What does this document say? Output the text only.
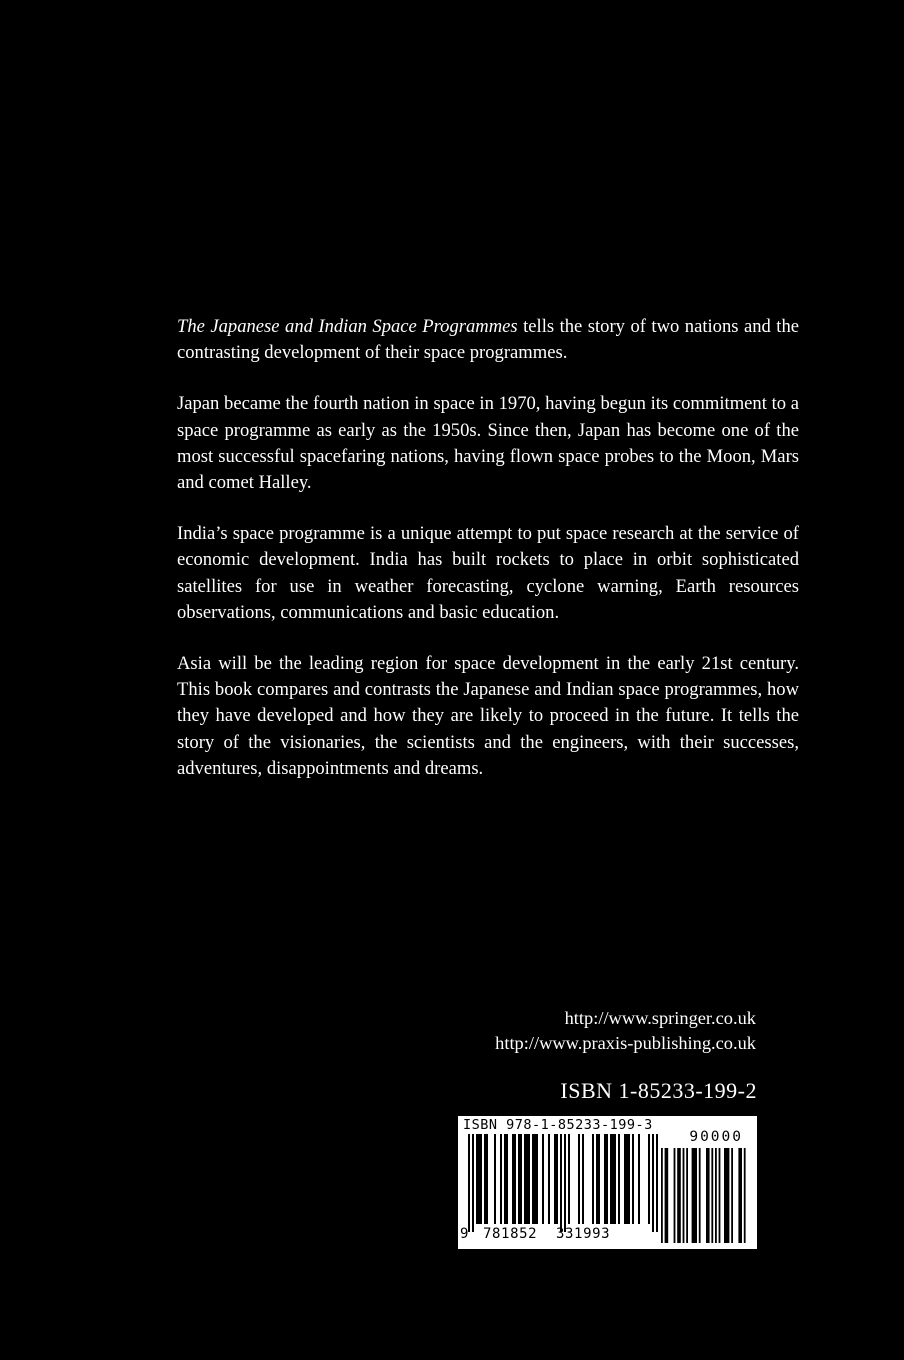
The Japanese and Indian Space Programmes tells the story of two nations and the contrasting development of their space programmes.

Japan became the fourth nation in space in 1970, having begun its commitment to a space programme as early as the 1950s. Since then, Japan has become one of the most successful spacefaring nations, having flown space probes to the Moon, Mars and comet Halley.

India’s space programme is a unique attempt to put space research at the service of economic development. India has built rockets to place in orbit sophisticated satellites for use in weather forecasting, cyclone warning, Earth resources observations, communications and basic education.

Asia will be the leading region for space development in the early 21st century. This book compares and contrasts the Japanese and Indian space programmes, how they have developed and how they are likely to proceed in the future. It tells the story of the visionaries, the scientists and the engineers, with their successes, adventures, disappointments and dreams.

http://www.springer.co.uk
http://www.praxis-publishing.co.uk
ISBN 1-85233-199-2
ISBN 978-1-85233-199-3
90000
9 781852 331993
